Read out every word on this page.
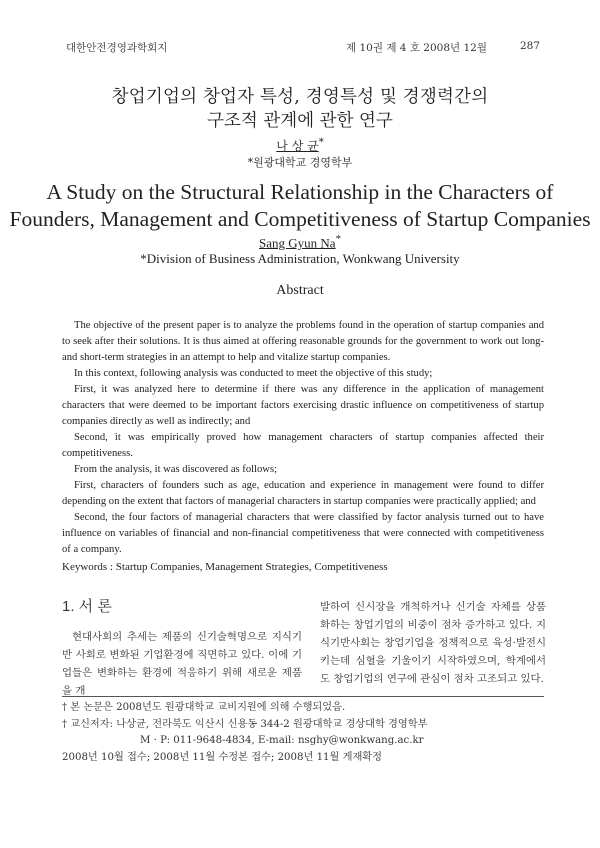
대한안전경영과학회지	제 10권 제 4 호 2008년 12월	287
창업기업의 창업자 특성, 경영특성 및 경쟁력간의
구조적 관계에 관한 연구
나 상 균*
*원광대학교 경영학부
A Study on the Structural Relationship in the Characters of
Founders, Management and Competitiveness of Startup Companies
Sang Gyun Na*
*Division of Business Administration, Wonkwang University
Abstract

The objective of the present paper is to analyze the problems found in the operation of startup companies and to seek after their solutions. It is thus aimed at offering reasonable grounds for the government to work out long- and short-term strategies in an attempt to help and vitalize startup companies.

In this context, following analysis was conducted to meet the objective of this study;

First, it was analyzed here to determine if there was any difference in the application of management characters that were deemed to be important factors exercising drastic influence on competitiveness of startup companies directly as well as indirectly; and

Second, it was empirically proved how management characters of startup companies affected their competitiveness.

From the analysis, it was discovered as follows;

First, characters of founders such as age, education and experience in management were found to differ depending on the extent that factors of managerial characters in startup companies were practically applied; and

Second, the four factors of managerial characters that were classified by factor analysis turned out to have influence on variables of financial and non-financial competitiveness that were connected with competitiveness of a company.

Keywords : Startup Companies, Management Strategies, Competitiveness

1. 서 론

현대사회의 추세는 제품의 신기술혁명으로 지식기반 사회로 변화된 기업환경에 직면하고 있다. 이에 기업들은 변화하는 환경에 적응하기 위해 새로운 제품을 개

발하여 신시장을 개척하거나 신기술 자체를 상품화하는 창업기업의 비중이 점차 증가하고 있다. 지식기반사회는 창업기업을 정책적으로 육성·발전시키는데 심혈을 기울이기 시작하였으며, 학계에서도 창업기업의 연구에 관심이 점차 고조되고 있다.

† 본 논문은 2008년도 원광대학교 교비지원에 의해 수행되었음.

† 교신저자: 나상균, 전라북도 익산시 신용동 344-2 원광대학교 경상대학 경영학부

M · P: 011-9648-4834, E-mail: nsghy@wonkwang.ac.kr

2008년 10월 접수; 2008년 11월 수정본 접수; 2008년 11월 게재확정
